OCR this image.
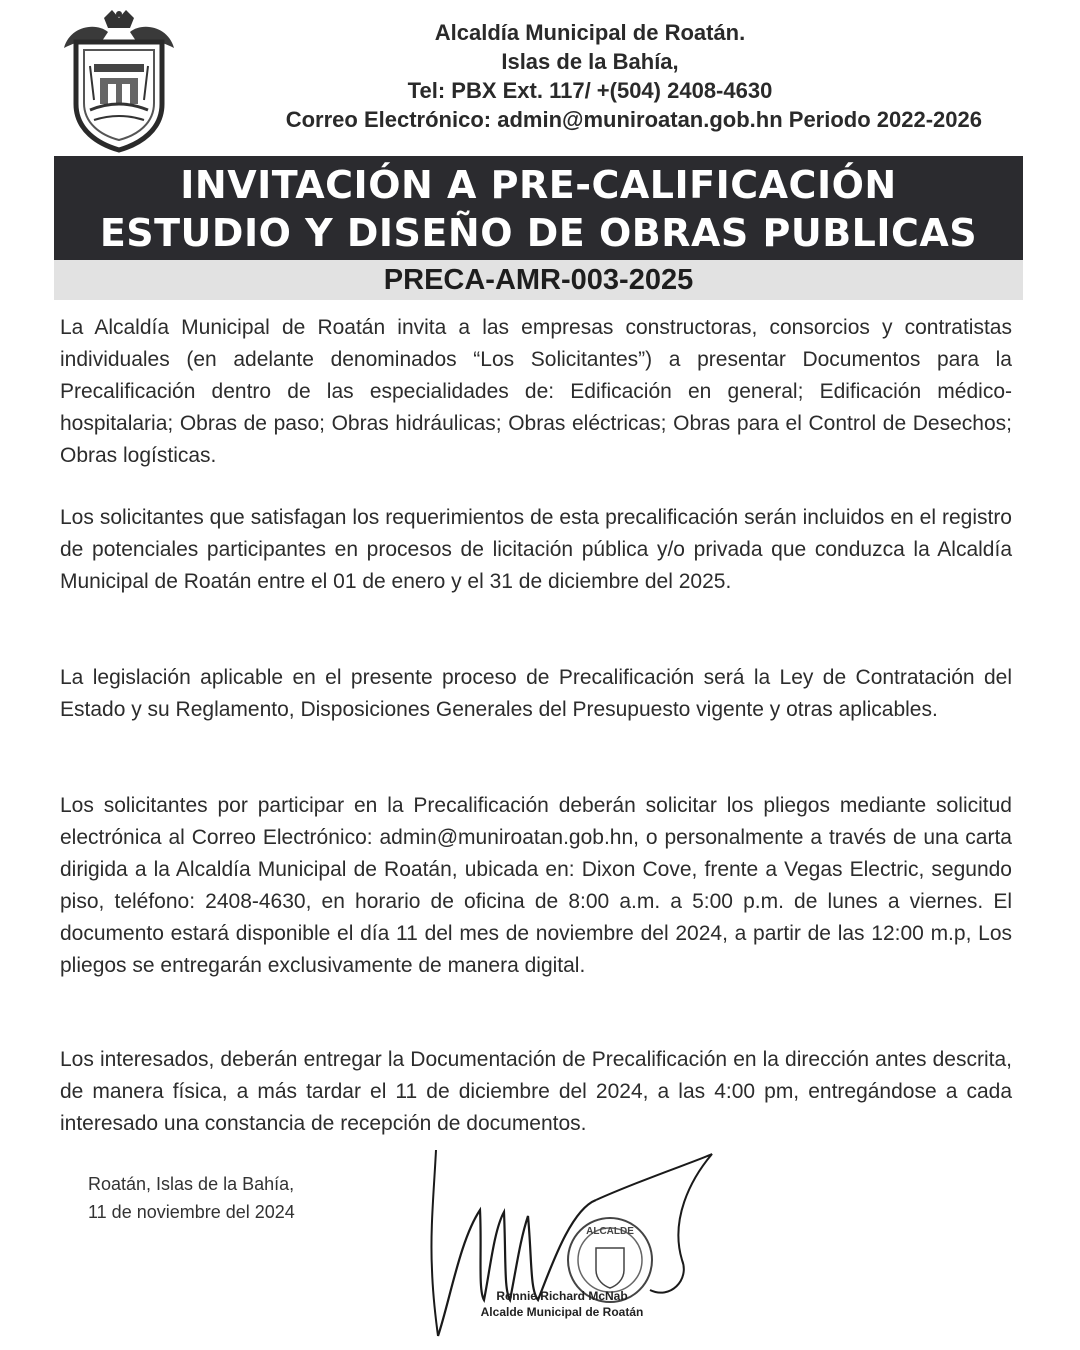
Alcaldía Municipal de Roatán.
Islas de la Bahía,
Tel: PBX Ext. 117/ +(504) 2408-4630
Correo Electrónico: admin@muniroatan.gob.hn Periodo 2022-2026
INVITACIÓN A PRE-CALIFICACIÓN
ESTUDIO Y DISEÑO DE OBRAS PUBLICAS
PRECA-AMR-003-2025
La Alcaldía Municipal de Roatán invita a las empresas constructoras, consorcios y contratistas individuales (en adelante denominados “Los Solicitantes”) a presentar Documentos para la Precalificación dentro de las especialidades de: Edificación en general; Edificación médico-hospitalaria; Obras de paso; Obras hidráulicas; Obras eléctricas; Obras para el Control de Desechos; Obras logísticas.
Los solicitantes que satisfagan los requerimientos de esta precalificación serán incluidos en el registro de potenciales participantes en procesos de licitación pública y/o privada que conduzca la Alcaldía Municipal de Roatán entre el 01 de enero y el 31 de diciembre del 2025.
La legislación aplicable en el presente proceso de Precalificación será la Ley de Contratación del Estado y su Reglamento, Disposiciones Generales del Presupuesto vigente y otras aplicables.
Los solicitantes por participar en la Precalificación deberán solicitar los pliegos mediante solicitud electrónica al Correo Electrónico: admin@muniroatan.gob.hn, o personalmente a través de una carta dirigida a la Alcaldía Municipal de Roatán, ubicada en: Dixon Cove, frente a Vegas Electric, segundo piso, teléfono: 2408-4630, en horario de oficina de 8:00 a.m. a 5:00 p.m. de lunes a viernes. El documento estará disponible el día 11 del mes de noviembre del 2024, a partir de las 12:00 m.p, Los pliegos se entregarán exclusivamente de manera digital.
Los interesados, deberán entregar la Documentación de Precalificación en la dirección antes descrita, de manera física, a más tardar el 11 de diciembre del 2024, a las 4:00 pm, entregándose a cada interesado una constancia de recepción de documentos.
Roatán, Islas de la Bahía,
11 de noviembre del 2024
ALCALDE
Ronnie Richard McNab
Alcalde Municipal de Roatán
